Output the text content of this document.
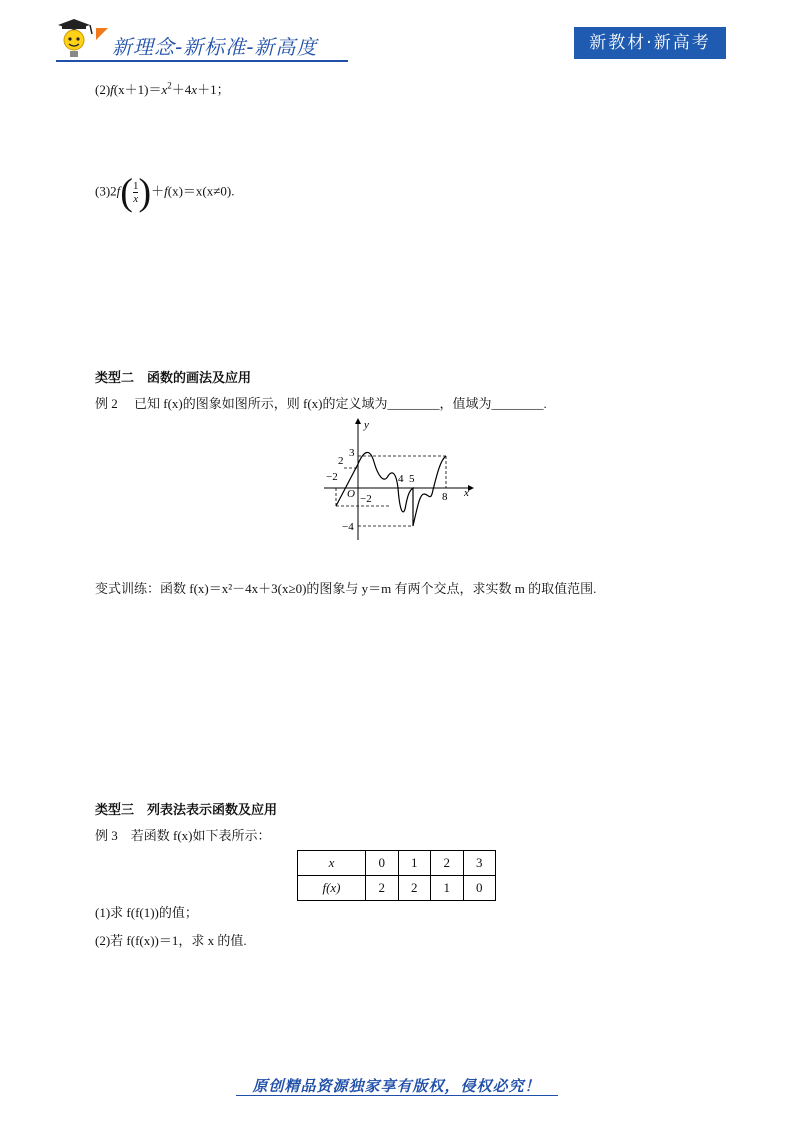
新理念-新标准-新高度	新教材·新高考
$(2)f(x+1)=x^2+4x+1$；
$(3)2f( \frac{1}{x} )+f(x)=x(x\ne 0)$.
类型二　函数的画法及应用
例 2　 已知 f(x)的图象如图所示，则 f(x)的定义域为________，值域为________.
y
x
O
3
2
−2
−2
−4
4 5
8
变式训练：函数 f(x)＝x²－4x＋3(x≥0)的图象与 y＝m 有两个交点，求实数 m 的取值范围.
类型三　列表法表示函数及应用
例 3　若函数 f(x)如下表所示：
x	0	1	2	3
f(x)	2	2	1	0
(1)求 f(f(1))的值；
(2)若 f(f(x))＝1，求 x 的值.
原创精品资源独家享有版权，侵权必究！
